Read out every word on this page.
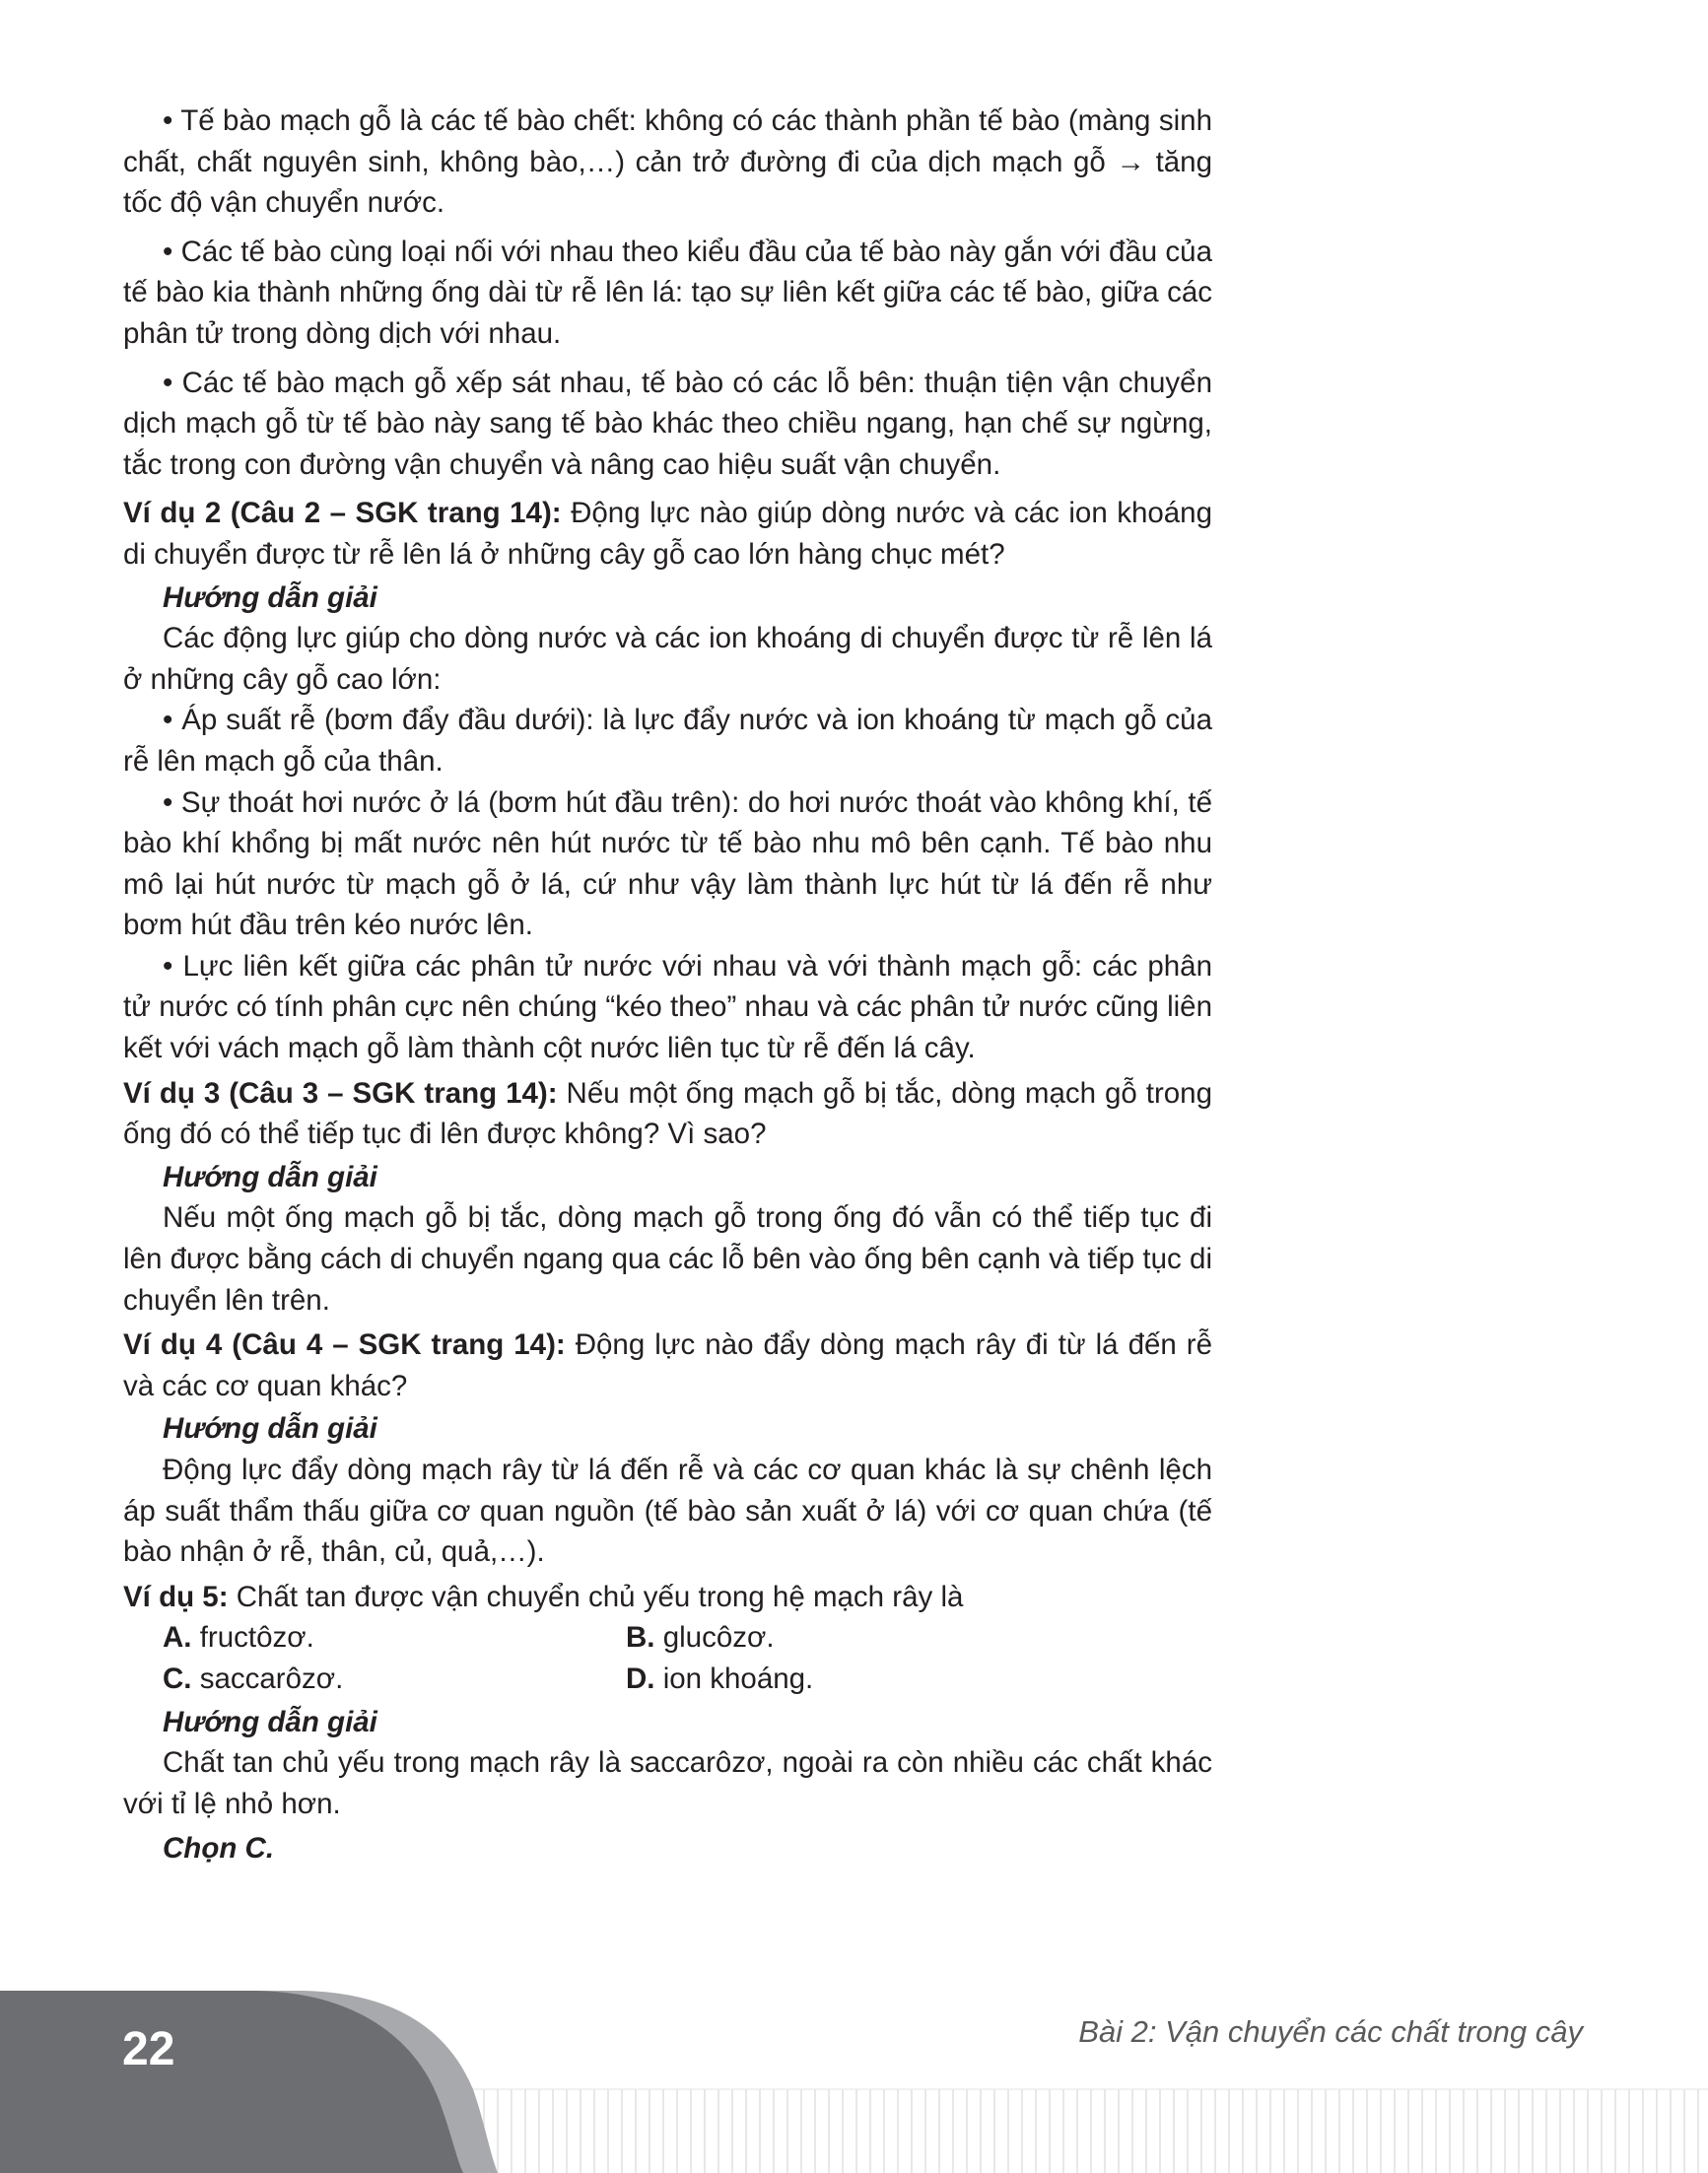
• Tế bào mạch gỗ là các tế bào chết: không có các thành phần tế bào (màng sinh chất, chất nguyên sinh, không bào,…) cản trở đường đi của dịch mạch gỗ → tăng tốc độ vận chuyển nước.

• Các tế bào cùng loại nối với nhau theo kiểu đầu của tế bào này gắn với đầu của tế bào kia thành những ống dài từ rễ lên lá: tạo sự liên kết giữa các tế bào, giữa các phân tử trong dòng dịch với nhau.

• Các tế bào mạch gỗ xếp sát nhau, tế bào có các lỗ bên: thuận tiện vận chuyển dịch mạch gỗ từ tế bào này sang tế bào khác theo chiều ngang, hạn chế sự ngừng, tắc trong con đường vận chuyển và nâng cao hiệu suất vận chuyển.

Ví dụ 2 (Câu 2 – SGK trang 14): Động lực nào giúp dòng nước và các ion khoáng di chuyển được từ rễ lên lá ở những cây gỗ cao lớn hàng chục mét?

Hướng dẫn giải

Các động lực giúp cho dòng nước và các ion khoáng di chuyển được từ rễ lên lá ở những cây gỗ cao lớn:

• Áp suất rễ (bơm đẩy đầu dưới): là lực đẩy nước và ion khoáng từ mạch gỗ của rễ lên mạch gỗ của thân.

• Sự thoát hơi nước ở lá (bơm hút đầu trên): do hơi nước thoát vào không khí, tế bào khí khổng bị mất nước nên hút nước từ tế bào nhu mô bên cạnh. Tế bào nhu mô lại hút nước từ mạch gỗ ở lá, cứ như vậy làm thành lực hút từ lá đến rễ như bơm hút đầu trên kéo nước lên.

• Lực liên kết giữa các phân tử nước với nhau và với thành mạch gỗ: các phân tử nước có tính phân cực nên chúng “kéo theo” nhau và các phân tử nước cũng liên kết với vách mạch gỗ làm thành cột nước liên tục từ rễ đến lá cây.

Ví dụ 3 (Câu 3 – SGK trang 14): Nếu một ống mạch gỗ bị tắc, dòng mạch gỗ trong ống đó có thể tiếp tục đi lên được không? Vì sao?

Hướng dẫn giải

Nếu một ống mạch gỗ bị tắc, dòng mạch gỗ trong ống đó vẫn có thể tiếp tục đi lên được bằng cách di chuyển ngang qua các lỗ bên vào ống bên cạnh và tiếp tục di chuyển lên trên.

Ví dụ 4 (Câu 4 – SGK trang 14): Động lực nào đẩy dòng mạch rây đi từ lá đến rễ và các cơ quan khác?

Hướng dẫn giải

Động lực đẩy dòng mạch rây từ lá đến rễ và các cơ quan khác là sự chênh lệch áp suất thẩm thấu giữa cơ quan nguồn (tế bào sản xuất ở lá) với cơ quan chứa (tế bào nhận ở rễ, thân, củ, quả,…).

Ví dụ 5: Chất tan được vận chuyển chủ yếu trong hệ mạch rây là

A. fructôzơ.	B. glucôzơ.
C. saccarôzơ.	D. ion khoáng.

Hướng dẫn giải

Chất tan chủ yếu trong mạch rây là saccarôzơ, ngoài ra còn nhiều các chất khác với tỉ lệ nhỏ hơn.

Chọn C.

22	Bài 2: Vận chuyển các chất trong cây
